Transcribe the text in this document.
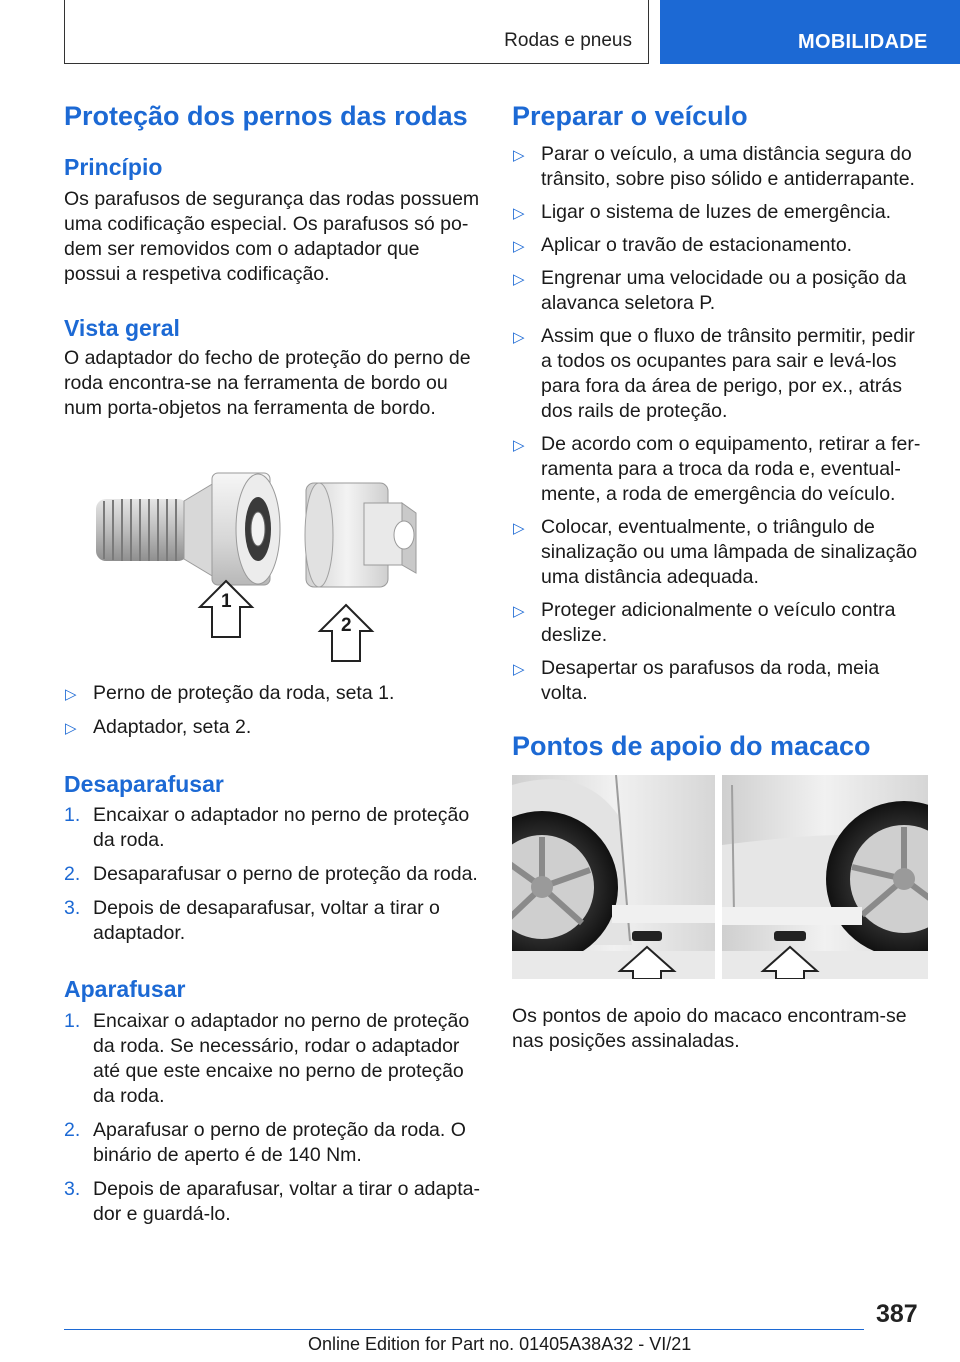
Rodas e pneus	MOBILIDADE
Proteção dos pernos das rodas
Princípio

Os parafusos de segurança das rodas possuem uma codificação especial. Os parafusos só podem ser removidos com o adaptador que possui a respetiva codificação.

Vista geral

O adaptador do fecho de proteção do perno de roda encontra-se na ferramenta de bordo ou num porta-objetos na ferramenta de bordo.

1
2
▷ Perno de proteção da roda, seta 1.
▷ Adaptador, seta 2.
Desaparafusar
1. Encaixar o adaptador no perno de proteção da roda.
2. Desaparafusar o perno de proteção da roda.
3. Depois de desaparafusar, voltar a tirar o adaptador.
Aparafusar
1. Encaixar o adaptador no perno de proteção da roda. Se necessário, rodar o adaptador até que este encaixe no perno de proteção da roda.
2. Aparafusar o perno de proteção da roda. O binário de aperto é de 140 Nm.
3. Depois de aparafusar, voltar a tirar o adaptador e guardá-lo.
Preparar o veículo
▷ Parar o veículo, a uma distância segura do trânsito, sobre piso sólido e antiderrapante.
▷ Ligar o sistema de luzes de emergência.
▷ Aplicar o travão de estacionamento.
▷ Engrenar uma velocidade ou a posição da alavanca seletora P.
▷ Assim que o fluxo de trânsito permitir, pedir a todos os ocupantes para sair e levá-los para fora da área de perigo, por ex., atrás dos rails de proteção.
▷ De acordo com o equipamento, retirar a ferramenta para a troca da roda e, eventualmente, a roda de emergência do veículo.
▷ Colocar, eventualmente, o triângulo de sinalização ou uma lâmpada de sinalização uma distância adequada.
▷ Proteger adicionalmente o veículo contra deslize.
▷ Desapertar os parafusos da roda, meia volta.
Pontos de apoio do macaco

Os pontos de apoio do macaco encontram-se nas posições assinaladas.

387
Online Edition for Part no. 01405A38A32 - VI/21
